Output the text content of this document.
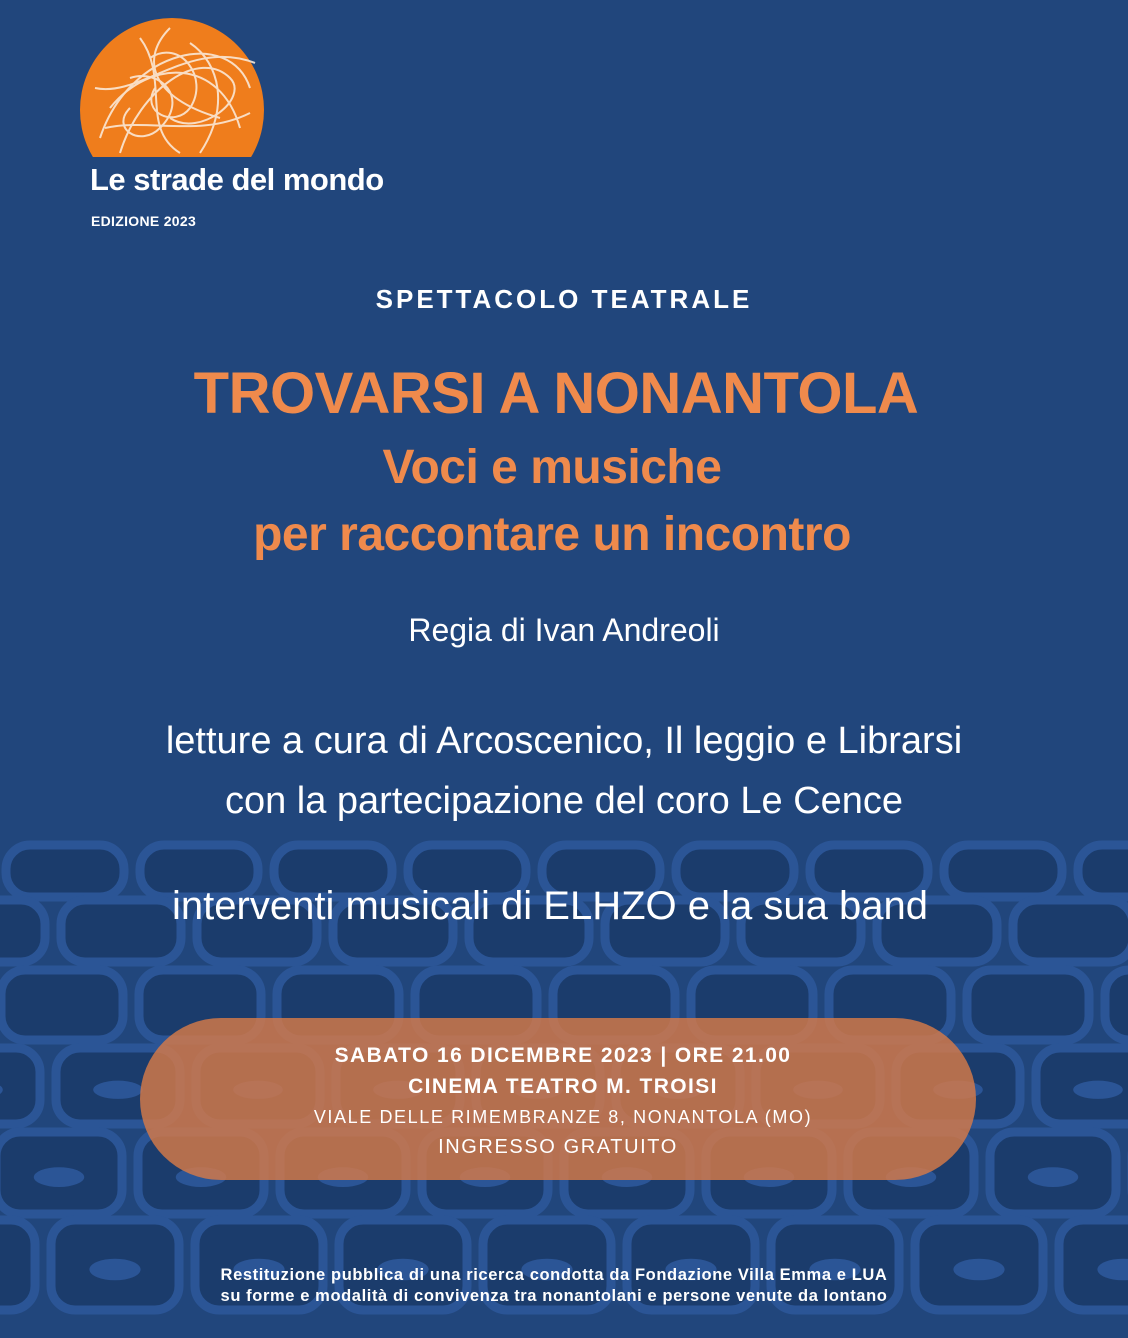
Le strade del mondo

EDIZIONE 2023

SPETTACOLO TEATRALE

TROVARSI A NONANTOLA

Voci e musiche

per raccontare un incontro

Regia di Ivan Andreoli

letture a cura di Arcoscenico, Il leggio e Librarsi

con la partecipazione del coro Le Cence

interventi musicali di ELHZO e la sua band

SABATO 16 DICEMBRE 2023 | ORE 21.00

CINEMA TEATRO M. TROISI

VIALE DELLE RIMEMBRANZE 8, NONANTOLA (MO)

INGRESSO GRATUITO

Restituzione pubblica di una ricerca condotta da Fondazione Villa Emma e LUA

su forme e modalità di convivenza tra nonantolani e persone venute da lontano
